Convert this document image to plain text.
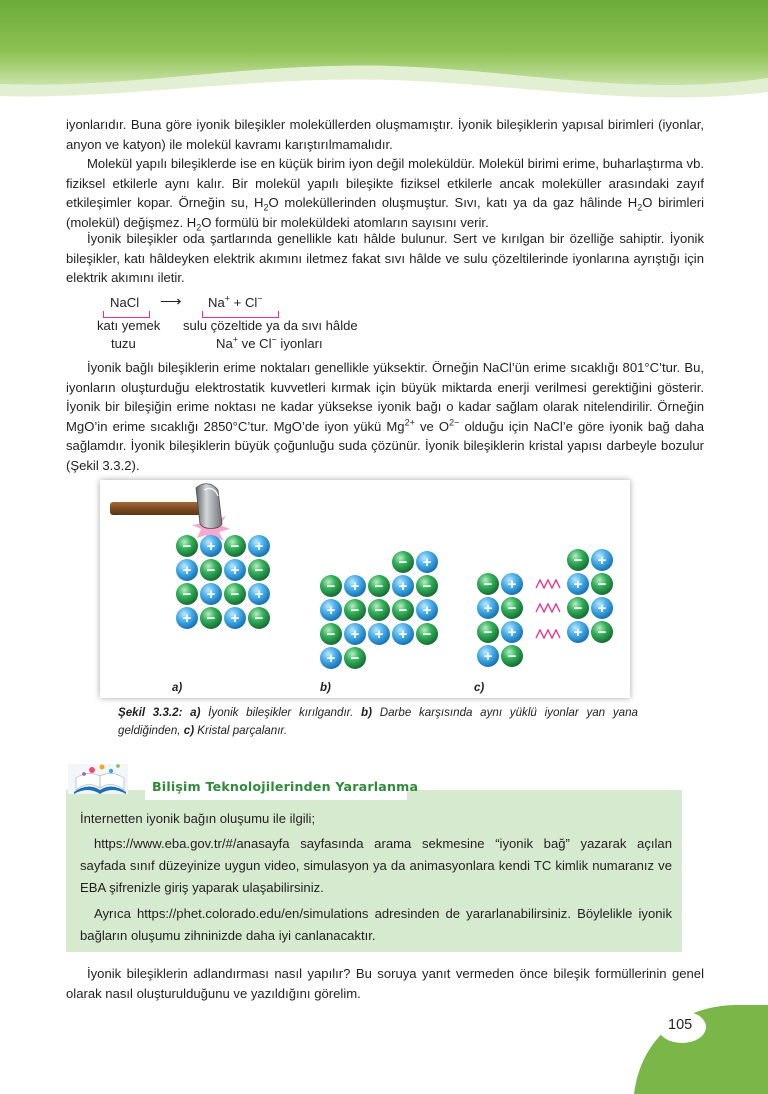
iyonlarıdır. Buna göre iyonik bileşikler moleküllerden oluşmamıştır. İyonik bileşiklerin yapısal birimleri (iyonlar, anyon ve katyon) ile molekül kavramı karıştırılmamalıdır.

Molekül yapılı bileşiklerde ise en küçük birim iyon değil moleküldür. Molekül birimi erime, buharlaştırma vb. fiziksel etkilerle aynı kalır. Bir molekül yapılı bileşikte fiziksel etkilerle ancak moleküller arasındaki zayıf etkileşimler kopar. Örneğin su, $H_2O$ moleküllerinden oluşmuştur. Sıvı, katı ya da gaz hâlinde $H_2O$ birimleri (molekül) değişmez. $H_2O$ formülü bir moleküldeki atomların sayısını verir.

İyonik bileşikler oda şartlarında genellikle katı hâlde bulunur. Sert ve kırılgan bir özelliğe sahiptir. İyonik bileşikler, katı hâldeyken elektrik akımını iletmez fakat sıvı hâlde ve sulu çözeltilerinde iyonlarına ayrıştığı için elektrik akımını iletir.

NaCl ⟶ Na+ + Cl−
katı yemek
tuzu
sulu çözeltide ya da sıvı hâlde
Na+ ve Cl− iyonları

İyonik bağlı bileşiklerin erime noktaları genellikle yüksektir. Örneğin NaCl’ün erime sıcaklığı 801°C’tur. Bu, iyonların oluşturduğu elektrostatik kuvvetleri kırmak için büyük miktarda enerji verilmesi gerektiğini gösterir. İyonik bir bileşiğin erime noktası ne kadar yüksekse iyonik bağı o kadar sağlam olarak nitelendirilir. Örneğin MgO’in erime sıcaklığı 2850°C’tur. MgO’de iyon yükü $Mg^{2+}$ ve $O^{2-}$ olduğu için NaCl’e göre iyonik bağ daha sağlamdır. İyonik bileşiklerin büyük çoğunluğu suda çözünür. İyonik bileşiklerin kristal yapısı darbeyle bozulur (Şekil 3.3.2).

− + − +
+ − + −
− + − +
+ − + −
− +
− + − + −
+ − − − +
− + + + −
+ −
− +
+ −
− +
+ −
− +
+ −
− +
+ −
a)	b)	c)
Şekil 3.3.2: a) İyonik bileşikler kırılgandır. b) Darbe karşısında aynı yüklü iyonlar yan yana geldiğinden, c) Kristal parçalanır.
Bilişim Teknolojilerinden Yararlanma
İnternetten iyonik bağın oluşumu ile ilgili;
https://www.eba.gov.tr/#/anasayfa sayfasında arama sekmesine “iyonik bağ” yazarak açılan sayfada sınıf düzeyinize uygun video, simulasyon ya da animasyonlara kendi TC kimlik numaranız ve EBA şifrenizle giriş yaparak ulaşabilirsiniz.
Ayrıca https://phet.colorado.edu/en/simulations adresinden de yararlanabilirsiniz. Böylelikle iyonik bağların oluşumu zihninizde daha iyi canlanacaktır.

İyonik bileşiklerin adlandırması nasıl yapılır? Bu soruya yanıt vermeden önce bileşik formüllerinin genel olarak nasıl oluşturulduğunu ve yazıldığını görelim.

105
